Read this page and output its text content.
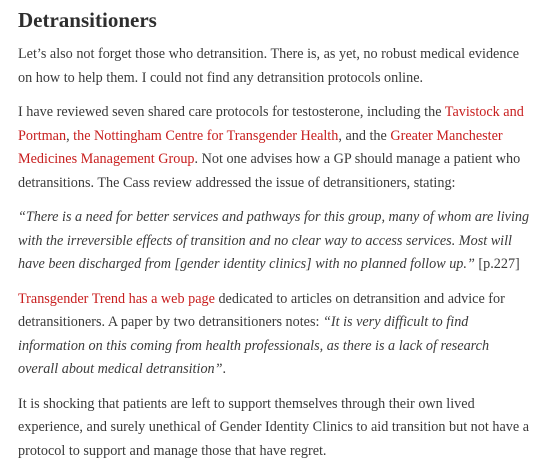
Detransitioners

Let’s also not forget those who detransition. There is, as yet, no robust medical evidence on how to help them. I could not find any detransition protocols online.

I have reviewed seven shared care protocols for testosterone, including the Tavistock and Portman, the Nottingham Centre for Transgender Health, and the Greater Manchester Medicines Management Group. Not one advises how a GP should manage a patient who detransitions. The Cass review addressed the issue of detransitioners, stating:

“There is a need for better services and pathways for this group, many of whom are living with the irreversible effects of transition and no clear way to access services. Most will have been discharged from [gender identity clinics] with no planned follow up.” [p.227]

Transgender Trend has a web page dedicated to articles on detransition and advice for detransitioners. A paper by two detransitioners notes: “It is very difficult to find information on this coming from health professionals, as there is a lack of research overall about medical detransition”.

It is shocking that patients are left to support themselves through their own lived experience, and surely unethical of Gender Identity Clinics to aid transition but not have a protocol to support and manage those that have regret.
